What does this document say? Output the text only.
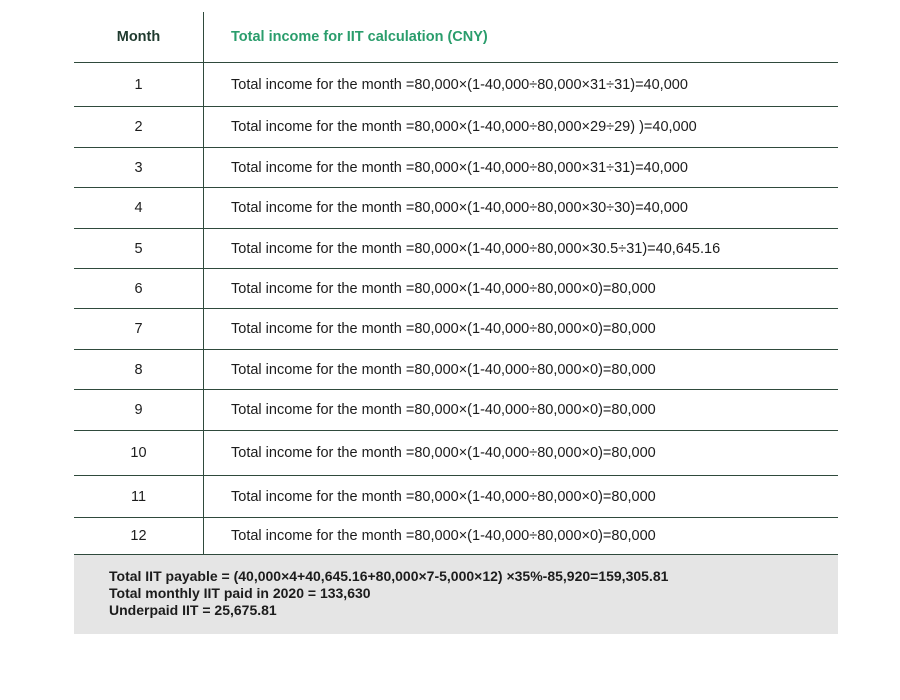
Month	Total income for IIT calculation (CNY)
1	Total income for the month =80,000×(1-40,000÷80,000×31÷31)=40,000
2	Total income for the month =80,000×(1-40,000÷80,000×29÷29) )=40,000
3	Total income for the month =80,000×(1-40,000÷80,000×31÷31)=40,000
4	Total income for the month =80,000×(1-40,000÷80,000×30÷30)=40,000
5	Total income for the month =80,000×(1-40,000÷80,000×30.5÷31)=40,645.16
6	Total income for the month =80,000×(1-40,000÷80,000×0)=80,000
7	Total income for the month =80,000×(1-40,000÷80,000×0)=80,000
8	Total income for the month =80,000×(1-40,000÷80,000×0)=80,000
9	Total income for the month =80,000×(1-40,000÷80,000×0)=80,000
10	Total income for the month =80,000×(1-40,000÷80,000×0)=80,000
11	Total income for the month =80,000×(1-40,000÷80,000×0)=80,000
12	Total income for the month =80,000×(1-40,000÷80,000×0)=80,000
Total IIT payable = (40,000×4+40,645.16+80,000×7-5,000×12) ×35%-85,920=159,305.81
Total monthly IIT paid in 2020 = 133,630
Underpaid IIT = 25,675.81
